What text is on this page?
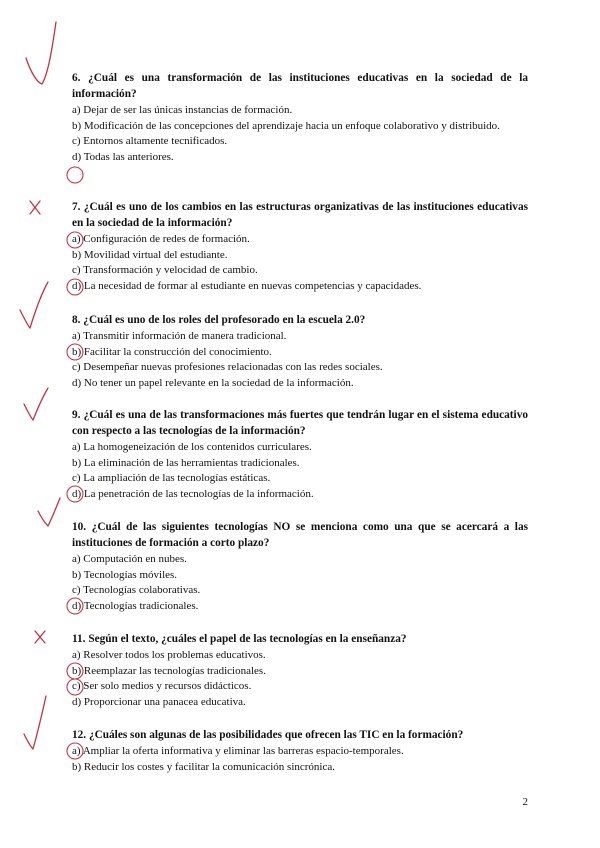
6. ¿Cuál es una transformación de las instituciones educativas en la sociedad de la información?
a) Dejar de ser las únicas instancias de formación.
b) Modificación de las concepciones del aprendizaje hacia un enfoque colaborativo y distribuido.
c) Entornos altamente tecnificados.
d) Todas las anteriores.
7. ¿Cuál es uno de los cambios en las estructuras organizativas de las instituciones educativas en la sociedad de la información?
a) Configuración de redes de formación.
b) Movilidad virtual del estudiante.
c) Transformación y velocidad de cambio.
d) La necesidad de formar al estudiante en nuevas competencias y capacidades.
8. ¿Cuál es uno de los roles del profesorado en la escuela 2.0?
a) Transmitir información de manera tradicional.
b) Facilitar la construcción del conocimiento.
c) Desempeñar nuevas profesiones relacionadas con las redes sociales.
d) No tener un papel relevante en la sociedad de la información.
9. ¿Cuál es una de las transformaciones más fuertes que tendrán lugar en el sistema educativo con respecto a las tecnologías de la información?
a) La homogeneización de los contenidos curriculares.
b) La eliminación de las herramientas tradicionales.
c) La ampliación de las tecnologías estáticas.
d) La penetración de las tecnologías de la información.
10. ¿Cuál de las siguientes tecnologías NO se menciona como una que se acercará a las instituciones de formación a corto plazo?
a) Computación en nubes.
b) Tecnologías móviles.
c) Tecnologías colaborativas.
d) Tecnologías tradicionales.
11. Según el texto, ¿cuáles el papel de las tecnologías en la enseñanza?
a) Resolver todos los problemas educativos.
b) Reemplazar las tecnologías tradicionales.
c) Ser solo medios y recursos didácticos.
d) Proporcionar una panacea educativa.
12. ¿Cuáles son algunas de las posibilidades que ofrecen las TIC en la formación?
a) Ampliar la oferta informativa y eliminar las barreras espacio-temporales.
b) Reducir los costes y facilitar la comunicación sincrónica.
2
